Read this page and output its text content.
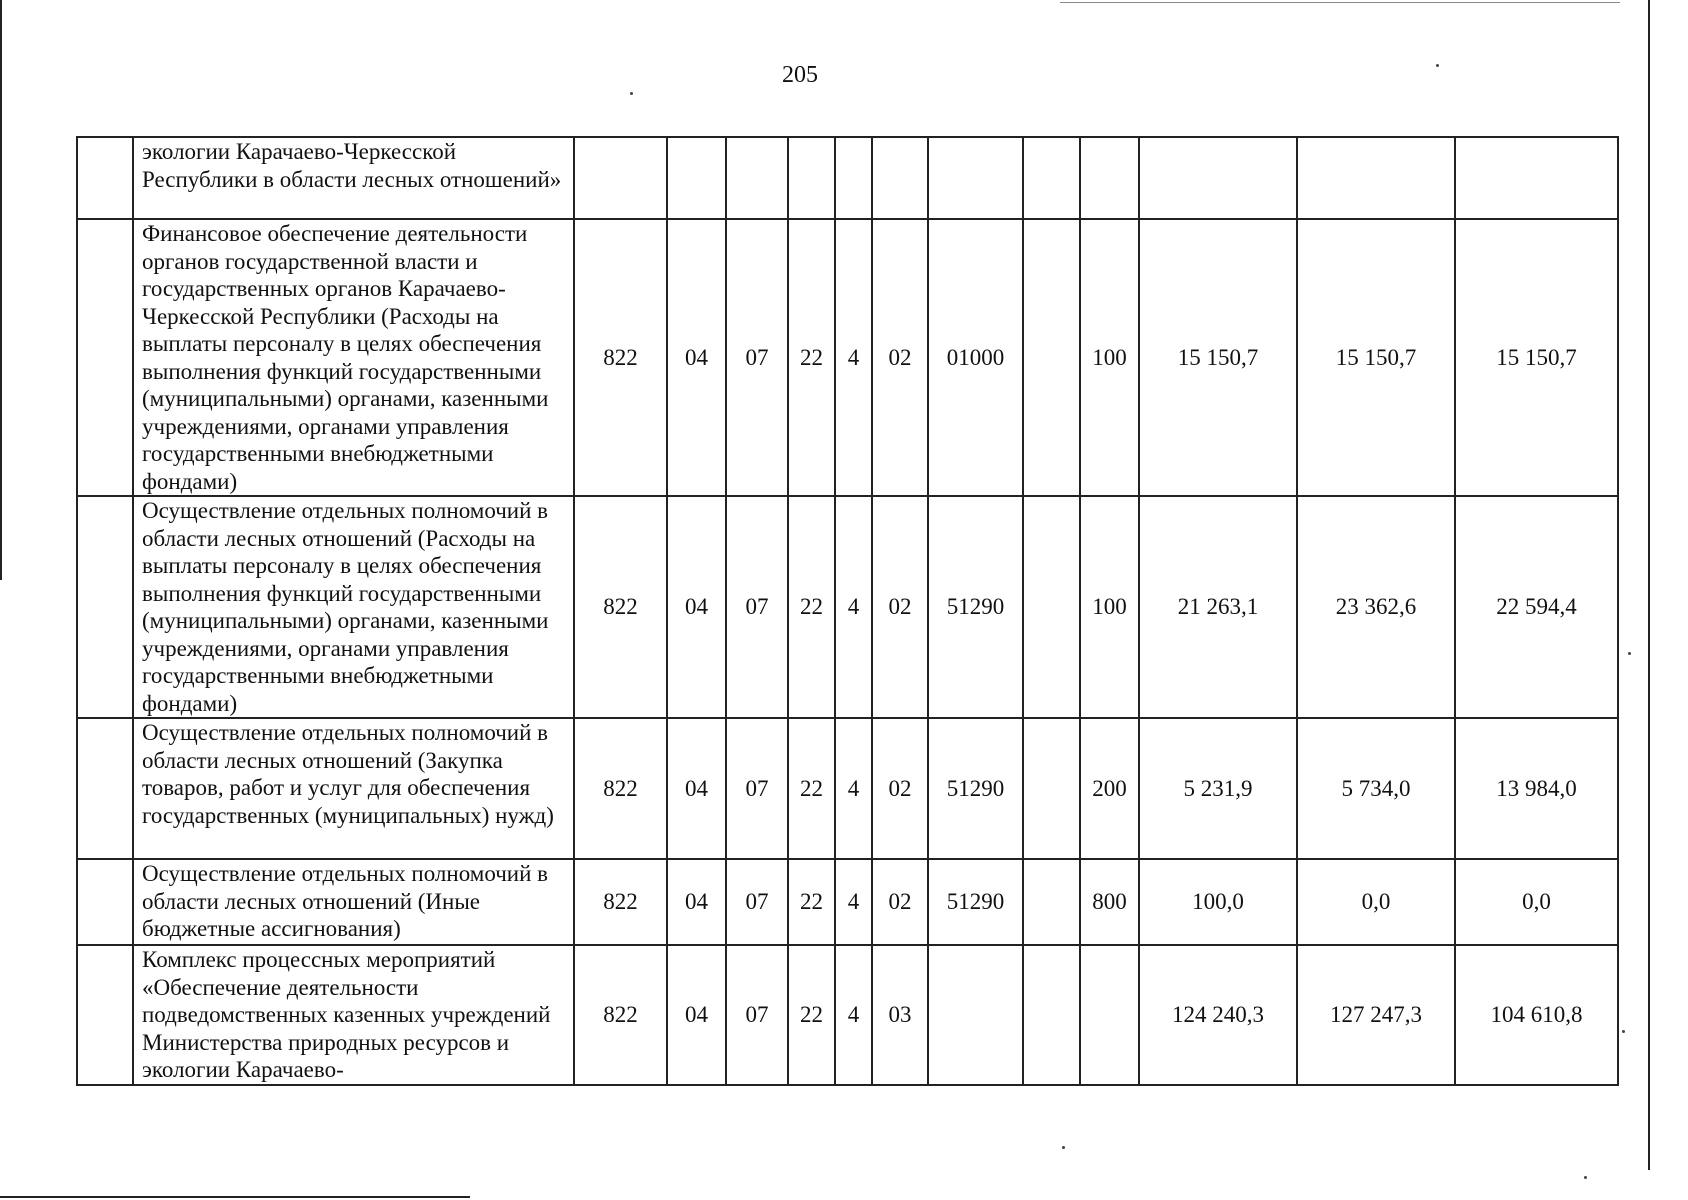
205
	экологии Карачаево-Черкесской Республики в области лесных отношений»												
	Финансовое обеспечение деятельности органов государственной власти и государственных органов Карачаево-Черкесской Республики (Расходы на выплаты персоналу в целях обеспечения выполнения функций государственными (муниципальными) органами, казенными учреждениями, органами управления государственными внебюджетными фондами)	822	04	07	22	4	02	01000		100	15 150,7	15 150,7	15 150,7
	Осуществление отдельных полномочий в области лесных отношений (Расходы на выплаты персоналу в целях обеспечения выполнения функций государственными (муниципальными) органами, казенными учреждениями, органами управления государственными внебюджетными фондами)	822	04	07	22	4	02	51290		100	21 263,1	23 362,6	22 594,4
	Осуществление отдельных полномочий в области лесных отношений (Закупка товаров, работ и услуг для обеспечения государственных (муниципальных) нужд)	822	04	07	22	4	02	51290		200	5 231,9	5 734,0	13 984,0
	Осуществление отдельных полномочий в области лесных отношений (Иные бюджетные ассигнования)	822	04	07	22	4	02	51290		800	100,0	0,0	0,0
	Комплекс процессных мероприятий «Обеспечение деятельности подведомственных казенных учреждений Министерства природных ресурсов и экологии Карачаево-	822	04	07	22	4	03				124 240,3	127 247,3	104 610,8
